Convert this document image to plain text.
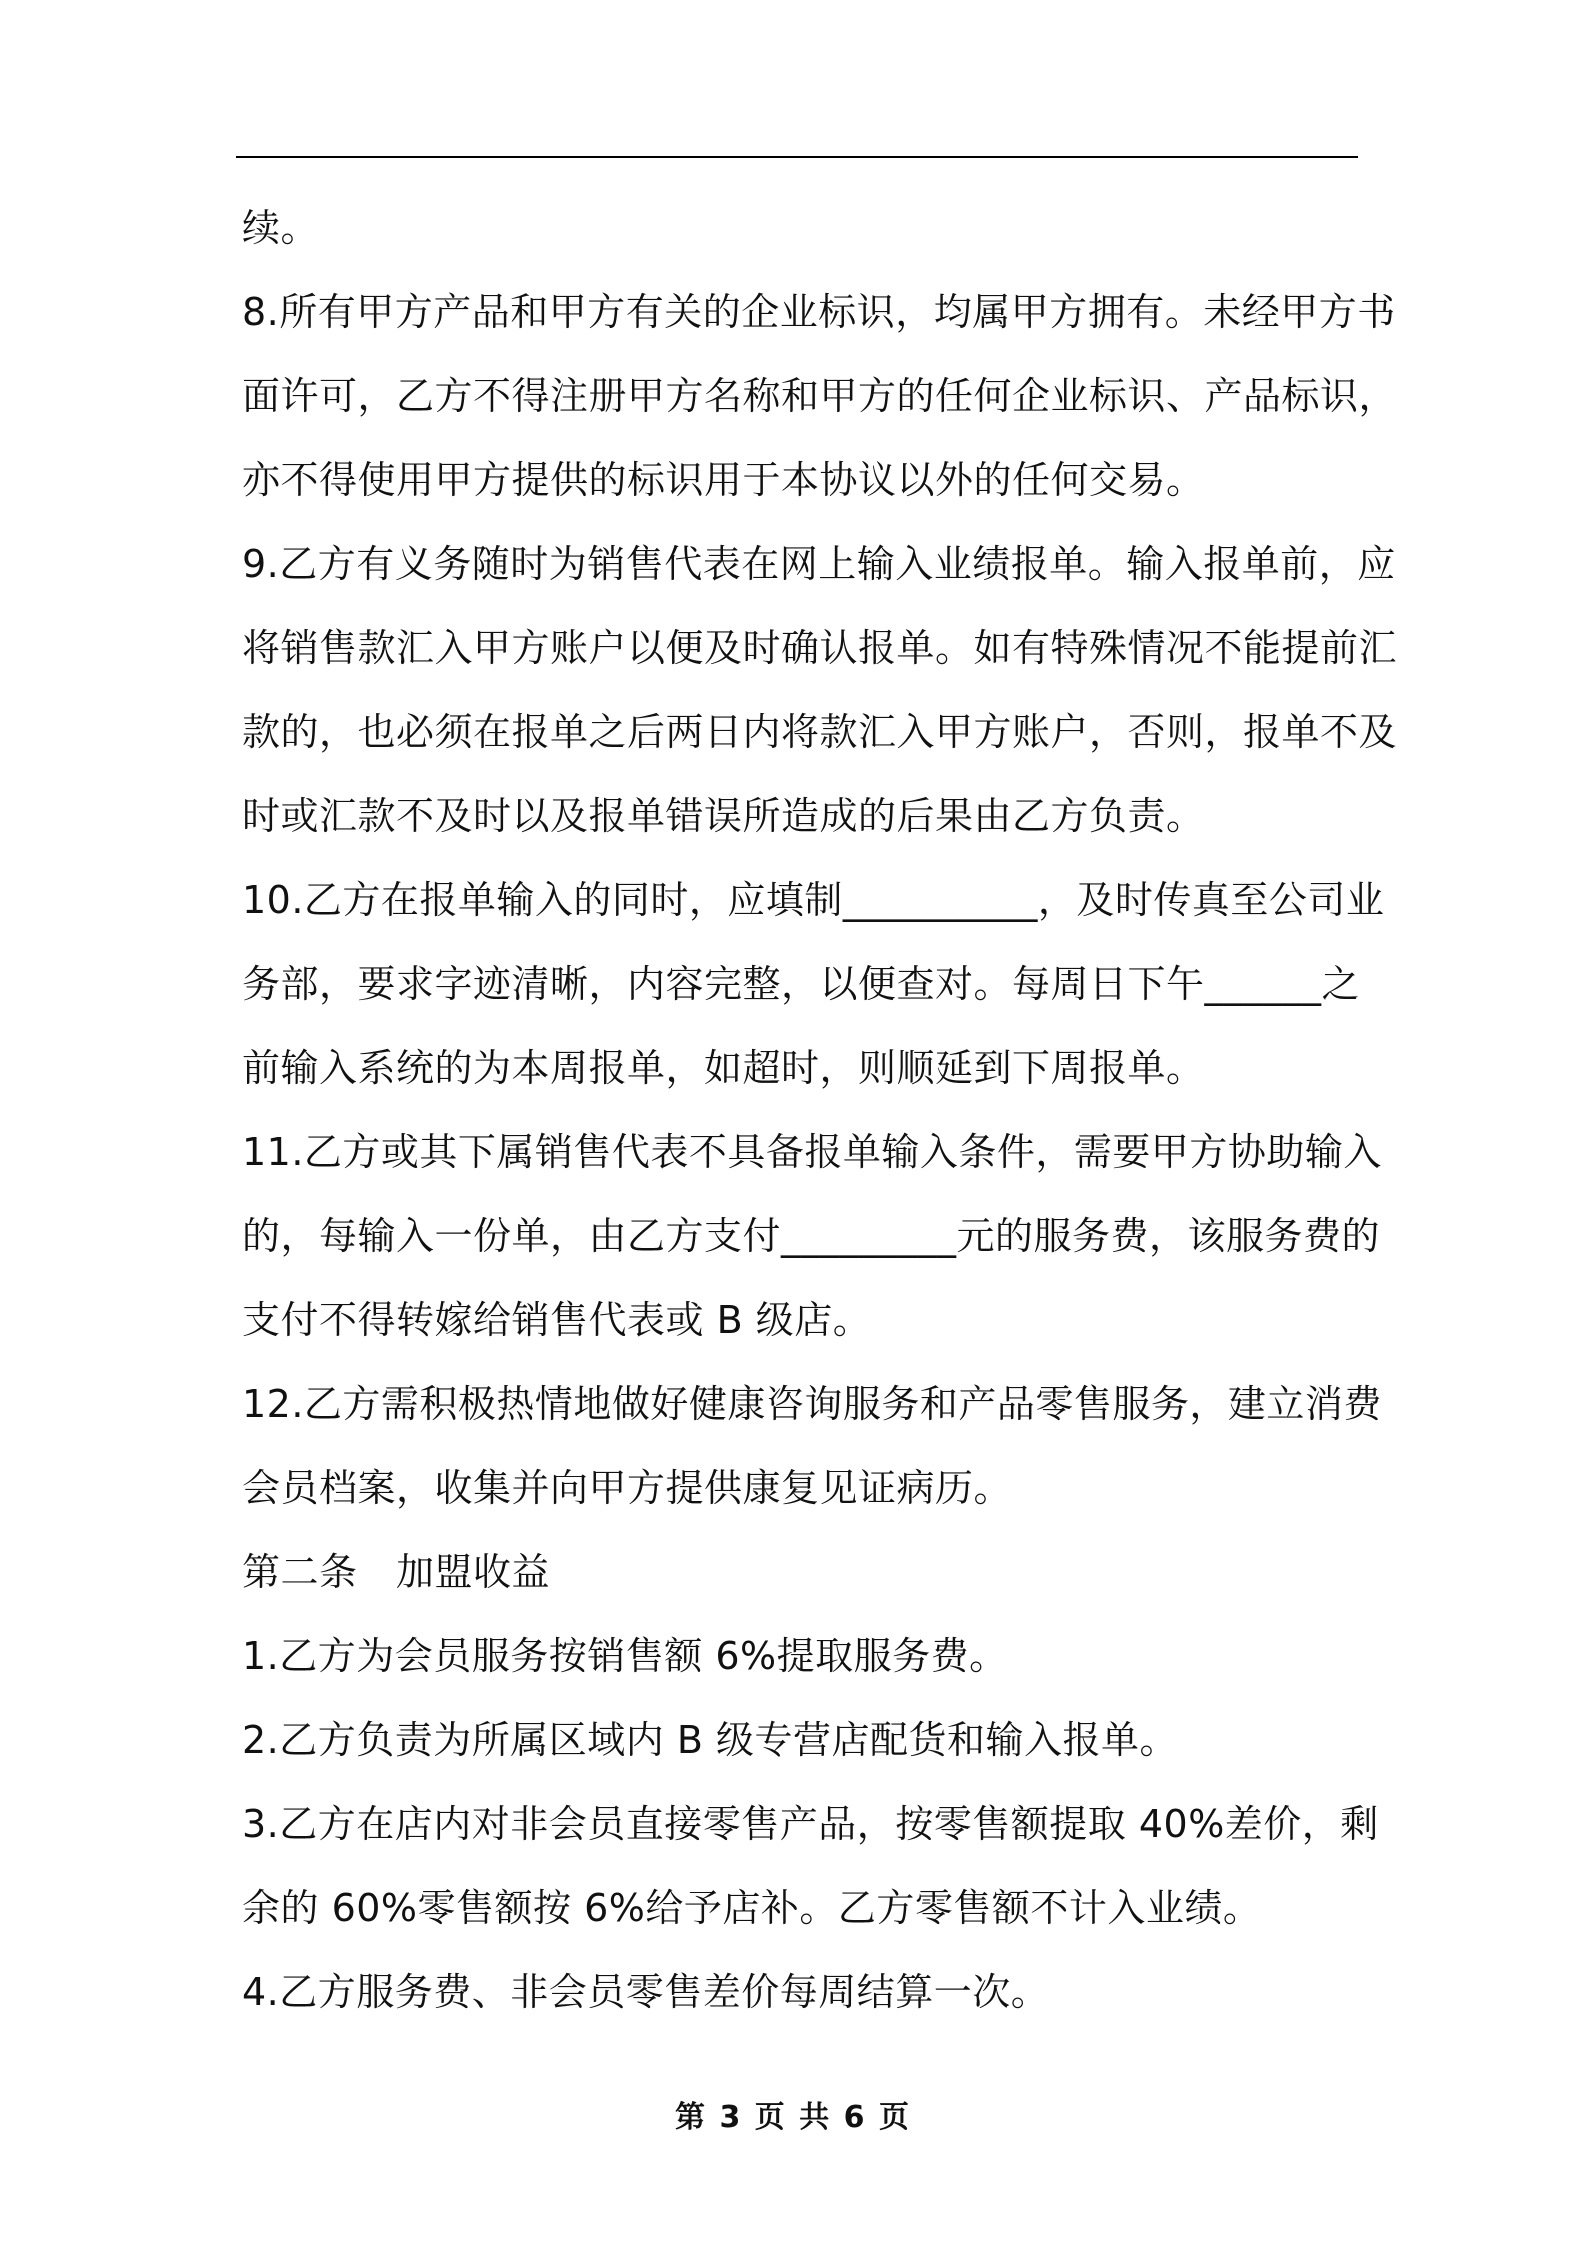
续。
8.所有甲方产品和甲方有关的企业标识，均属甲方拥有。未经甲方书
面许可，乙方不得注册甲方名称和甲方的任何企业标识、产品标识，
亦不得使用甲方提供的标识用于本协议以外的任何交易。
9.乙方有义务随时为销售代表在网上输入业绩报单。输入报单前，应
将销售款汇入甲方账户以便及时确认报单。如有特殊情况不能提前汇
款的，也必须在报单之后两日内将款汇入甲方账户，否则，报单不及
时或汇款不及时以及报单错误所造成的后果由乙方负责。
10.乙方在报单输入的同时，应填制__________，及时传真至公司业
务部，要求字迹清晰，内容完整，以便查对。每周日下午______之
前输入系统的为本周报单，如超时，则顺延到下周报单。
11.乙方或其下属销售代表不具备报单输入条件，需要甲方协助输入
的，每输入一份单，由乙方支付_________元的服务费，该服务费的
支付不得转嫁给销售代表或 B 级店。
12.乙方需积极热情地做好健康咨询服务和产品零售服务，建立消费
会员档案，收集并向甲方提供康复见证病历。
第二条　加盟收益
1.乙方为会员服务按销售额 6%提取服务费。
2.乙方负责为所属区域内 B 级专营店配货和输入报单。
3.乙方在店内对非会员直接零售产品，按零售额提取 40%差价，剩
余的 60%零售额按 6%给予店补。乙方零售额不计入业绩。
4.乙方服务费、非会员零售差价每周结算一次。
第 3 页 共 6 页
